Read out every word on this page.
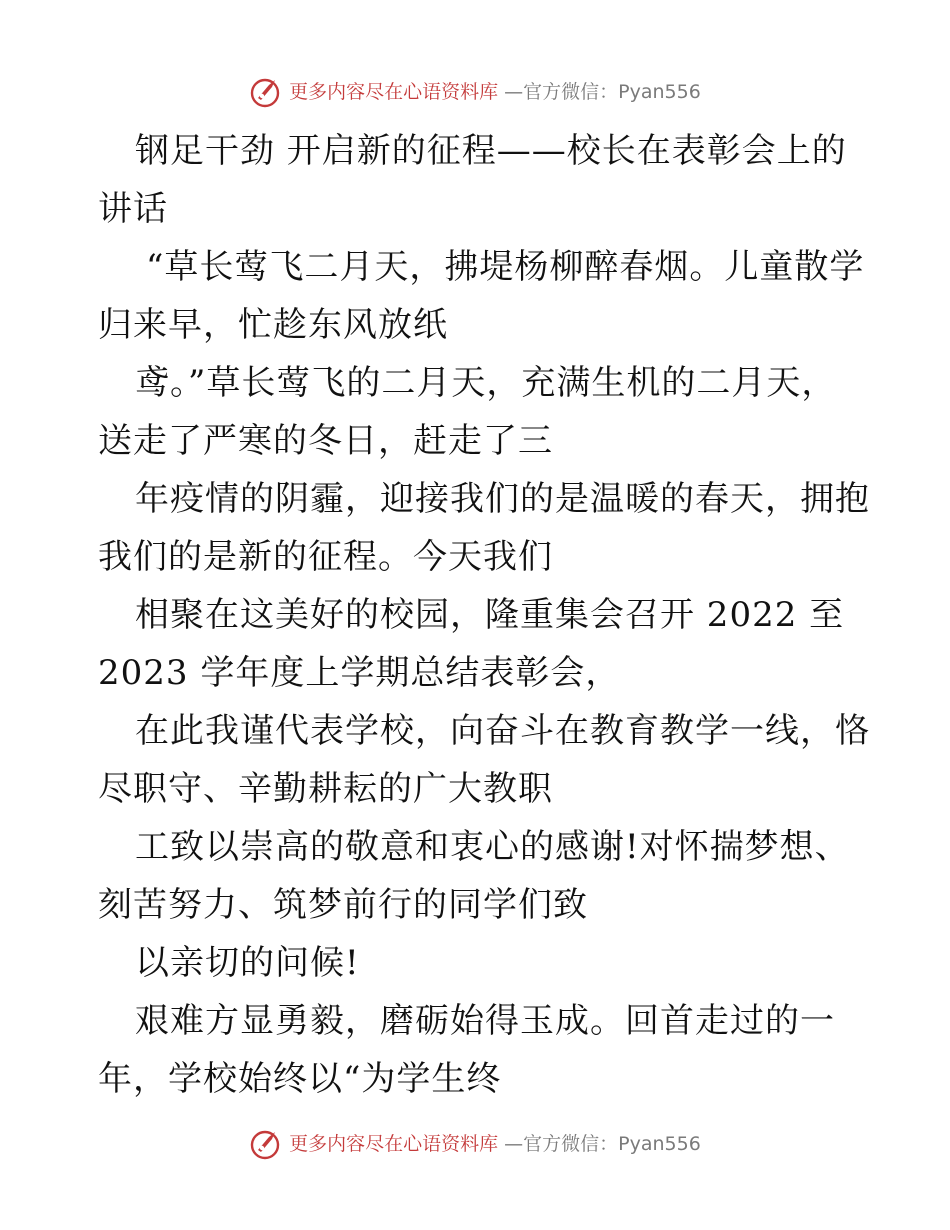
更多内容尽在心语资料库 —官方微信：Pyan556
钢足干劲 开启新的征程——校长在表彰会上的
讲话
“草长莺飞二月天，拂堤杨柳醉春烟。儿童散学
归来早，忙趁东风放纸
鸢。”草长莺飞的二月天，充满生机的二月天，
送走了严寒的冬日，赶走了三
年疫情的阴霾，迎接我们的是温暖的春天，拥抱
我们的是新的征程。今天我们
相聚在这美好的校园，隆重集会召开 2022 至
2023 学年度上学期总结表彰会，
在此我谨代表学校，向奋斗在教育教学一线，恪
尽职守、辛勤耕耘的广大教职
工致以崇高的敬意和衷心的感谢!对怀揣梦想、
刻苦努力、筑梦前行的同学们致
以亲切的问候!
艰难方显勇毅，磨砺始得玉成。回首走过的一
年，学校始终以“为学生终
更多内容尽在心语资料库 —官方微信：Pyan556
